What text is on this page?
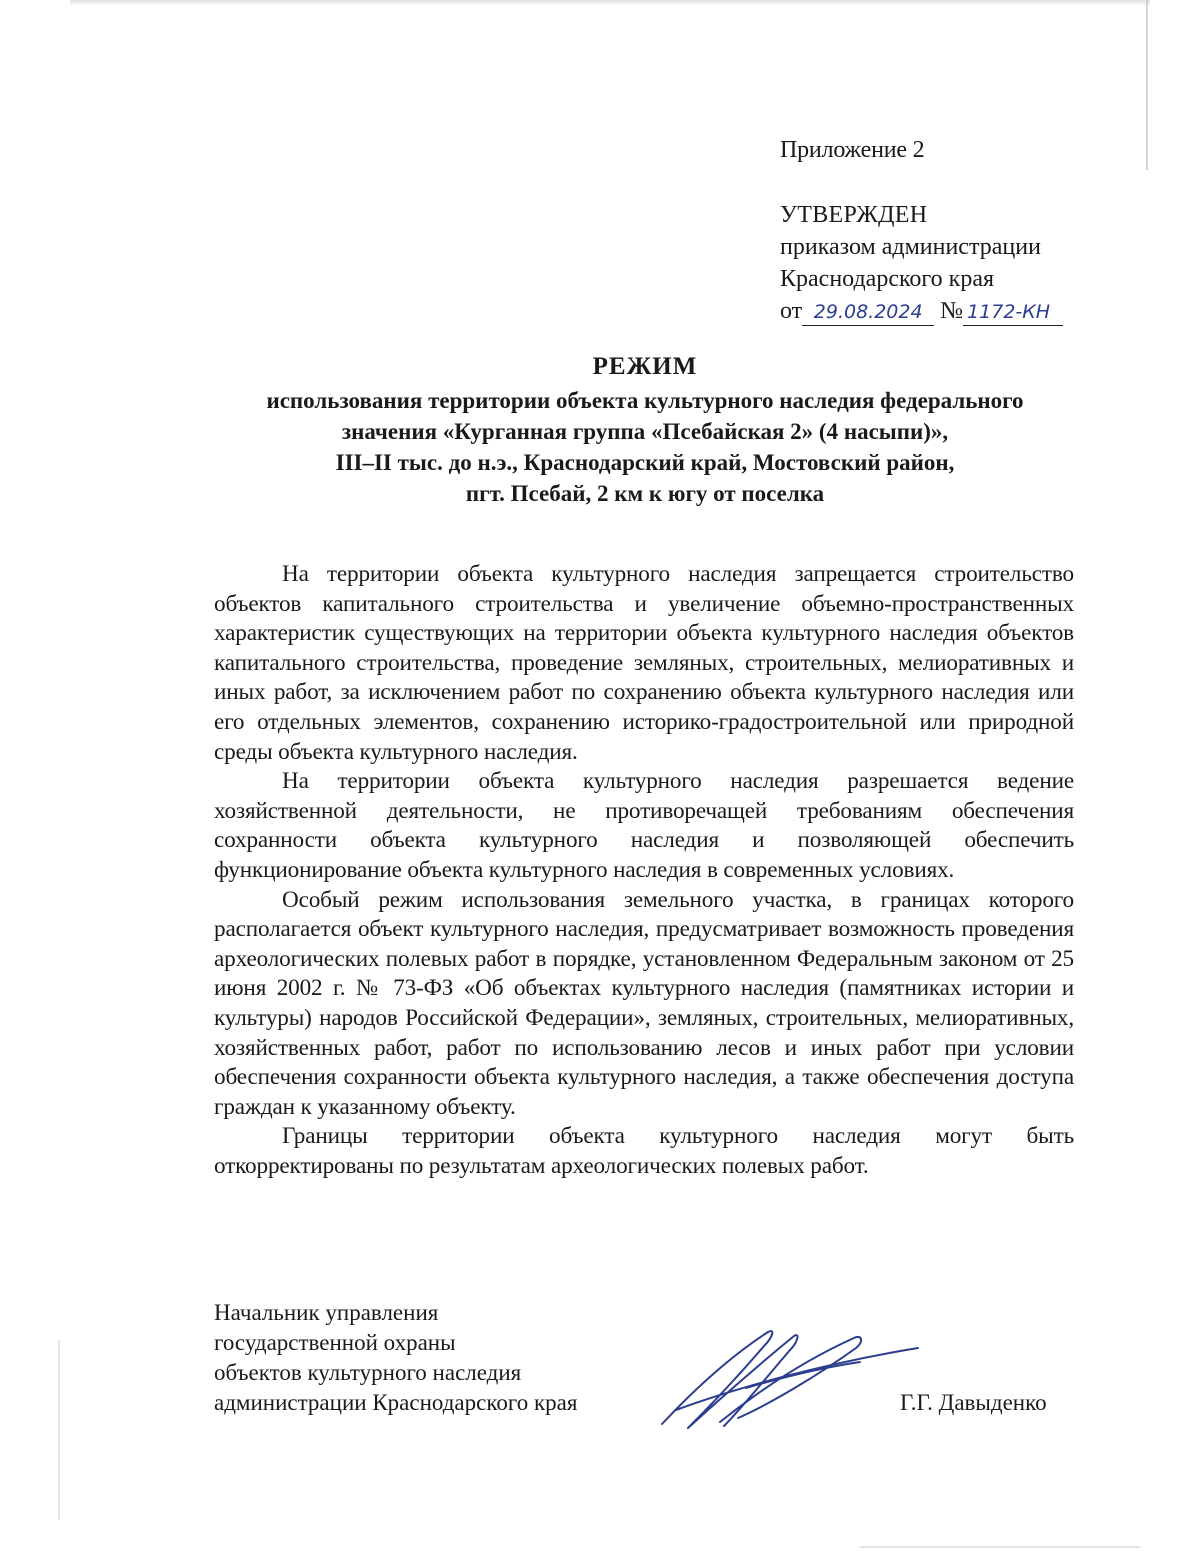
Приложение 2

УТВЕРЖДЕН

приказом администрации

Краснодарского края

от 29.08.2024 № 1172-КН

РЕЖИМ

использования территории объекта культурного наследия федерального

значения «Курганная группа «Псебайская 2» (4 насыпи)»,

III–II тыс. до н.э., Краснодарский край, Мостовский район,

пгт. Псебай, 2 км к югу от поселка

На территории объекта культурного наследия запрещается строительство объектов капитального строительства и увеличение объемно-пространственных характеристик существующих на территории объекта культурного наследия объектов капитального строительства, проведение земляных, строительных, мелиоративных и иных работ, за исключением работ по сохранению объекта культурного наследия или его отдельных элементов, сохранению историко-градостроительной или природной среды объекта культурного наследия.

На территории объекта культурного наследия разрешается ведение хозяйственной деятельности, не противоречащей требованиям обеспечения сохранности объекта культурного наследия и позволяющей обеспечить функционирование объекта культурного наследия в современных условиях.

Особый режим использования земельного участка, в границах которого располагается объект культурного наследия, предусматривает возможность проведения археологических полевых работ в порядке, установленном Федеральным законом от 25 июня 2002 г. № 73-ФЗ «Об объектах культурного наследия (памятниках истории и культуры) народов Российской Федерации», земляных, строительных, мелиоративных, хозяйственных работ, работ по использованию лесов и иных работ при условии обеспечения сохранности объекта культурного наследия, а также обеспечения доступа граждан к указанному объекту.

Границы территории объекта культурного наследия могут быть откорректированы по результатам археологических полевых работ.

Начальник управления

государственной охраны

объектов культурного наследия

администрации Краснодарского края	Г.Г. Давыденко
